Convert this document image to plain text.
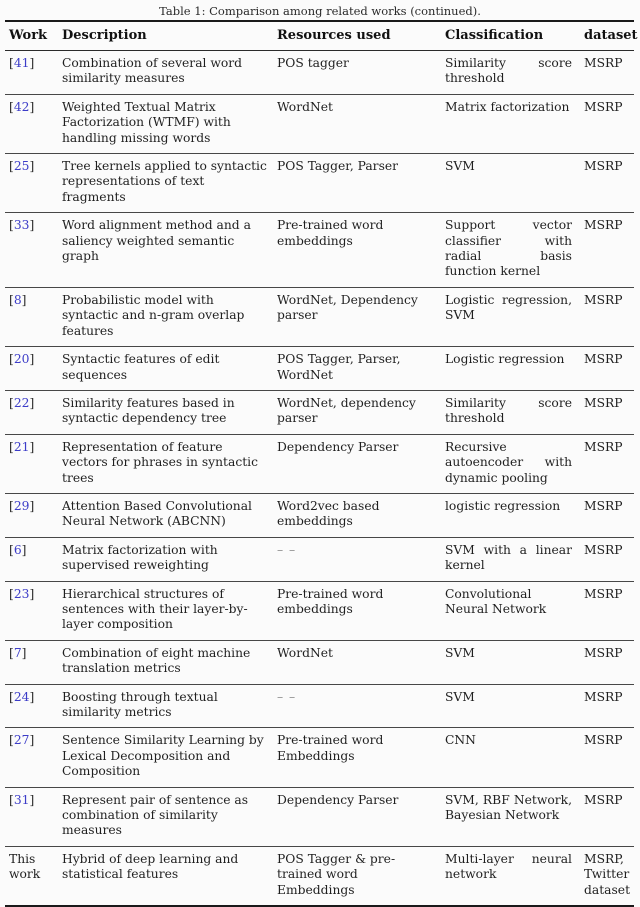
Table 1: Comparison among related works (continued).
Work	Description	Resources used	Classification	dataset
[41]	Combination of several word similarity measures	POS tagger	Similarity score threshold	MSRP
[42]	Weighted Textual Matrix Factorization (WTMF) with handling missing words	WordNet	Matrix factorization	MSRP
[25]	Tree kernels applied to syntactic representations of text fragments	POS Tagger, Parser	SVM	MSRP
[33]	Word alignment method and a saliency weighted semantic graph	Pre-trained word embeddings	Support vector classifier with radial basis function kernel	MSRP
[8]	Probabilistic model with syntactic and n-gram overlap features	WordNet, Dependency parser	Logistic regression, SVM	MSRP
[20]	Syntactic features of edit sequences	POS Tagger, Parser, WordNet	Logistic regression	MSRP
[22]	Similarity features based in syntactic dependency tree	WordNet, dependency parser	Similarity score threshold	MSRP
[21]	Representation of feature vectors for phrases in syntactic trees	Dependency Parser	Recursive autoencoder with dynamic pooling	MSRP
[29]	Attention Based Convolutional Neural Network (ABCNN)	Word2vec based embeddings	logistic regression	MSRP
[6]	Matrix factorization with supervised reweighting	– –	SVM with a linear kernel	MSRP
[23]	Hierarchical structures of sentences with their layer-by-layer composition	Pre-trained word embeddings	Convolutional Neural Network	MSRP
[7]	Combination of eight machine translation metrics	WordNet	SVM	MSRP
[24]	Boosting through textual similarity metrics	– –	SVM	MSRP
[27]	Sentence Similarity Learning by Lexical Decomposition and Composition	Pre-trained word Embeddings	CNN	MSRP
[31]	Represent pair of sentence as combination of similarity measures	Dependency Parser	SVM, RBF Network, Bayesian Network	MSRP
This work	Hybrid of deep learning and statistical features	POS Tagger & pre-trained word Embeddings	Multi-layer neural network	MSRP, Twitter dataset
